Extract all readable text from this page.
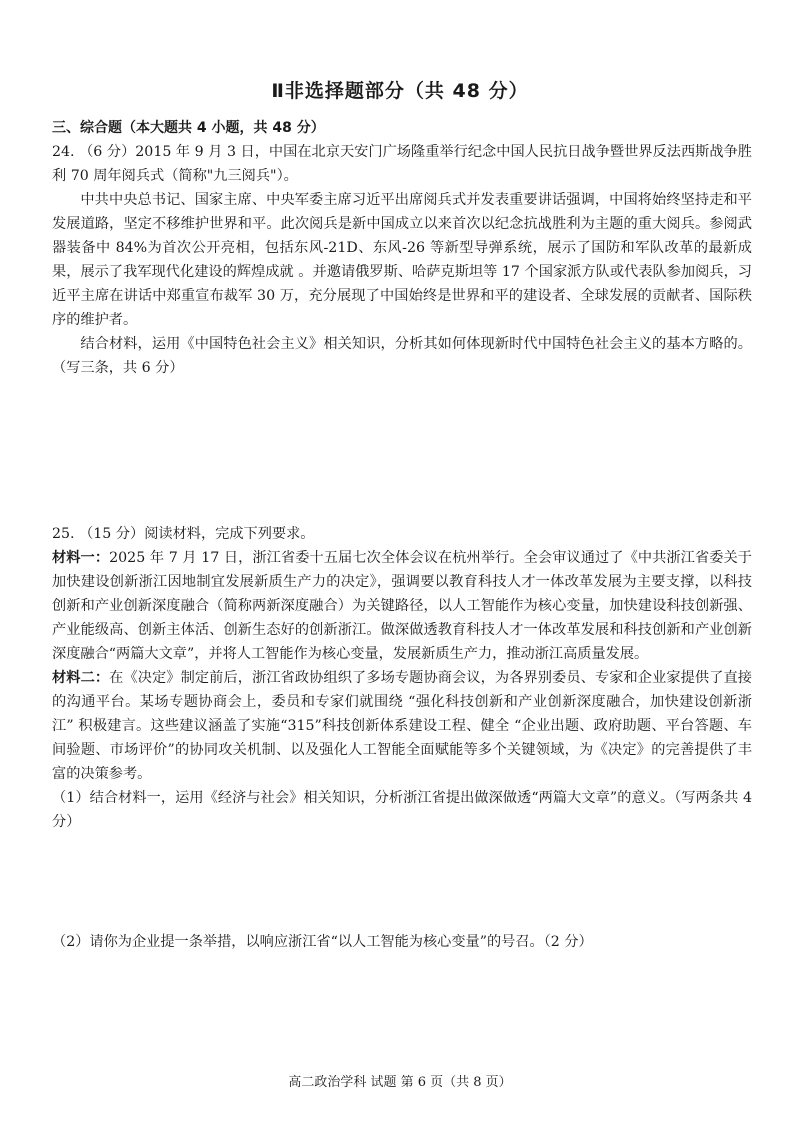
Ⅱ非选择题部分（共 48 分）

三、综合题（本大题共 4 小题，共 48 分）

24. （6 分）2015 年 9 月 3 日，中国在北京天安门广场隆重举行纪念中国人民抗日战争暨世界反法西斯战争胜利 70 周年阅兵式（简称"九三阅兵"）。

中共中央总书记、国家主席、中央军委主席习近平出席阅兵式并发表重要讲话强调，中国将始终坚持走和平发展道路，坚定不移维护世界和平。此次阅兵是新中国成立以来首次以纪念抗战胜利为主题的重大阅兵。参阅武器装备中 84%为首次公开亮相，包括东风-21D、东风-26 等新型导弹系统，展示了国防和军队改革的最新成果，展示了我军现代化建设的辉煌成就 。并邀请俄罗斯、哈萨克斯坦等 17 个国家派方队或代表队参加阅兵，习近平主席在讲话中郑重宣布裁军 30 万，充分展现了中国始终是世界和平的建设者、全球发展的贡献者、国际秩序的维护者。

结合材料，运用《中国特色社会主义》相关知识，分析其如何体现新时代中国特色社会主义的基本方略的。（写三条，共 6 分）

25. （15 分）阅读材料，完成下列要求。

材料一：2025 年 7 月 17 日，浙江省委十五届七次全体会议在杭州举行。全会审议通过了《中共浙江省委关于加快建设创新浙江因地制宜发展新质生产力的决定》，强调要以教育科技人才一体改革发展为主要支撑，以科技创新和产业创新深度融合（简称两新深度融合）为关键路径，以人工智能作为核心变量，加快建设科技创新强、产业能级高、创新主体活、创新生态好的创新浙江。做深做透教育科技人才一体改革发展和科技创新和产业创新深度融合“两篇大文章”，并将人工智能作为核心变量，发展新质生产力，推动浙江高质量发展。

材料二：在《决定》制定前后，浙江省政协组织了多场专题协商会议，为各界别委员、专家和企业家提供了直接的沟通平台。某场专题协商会上，委员和专家们就围绕 “强化科技创新和产业创新深度融合，加快建设创新浙江” 积极建言。这些建议涵盖了实施“315”科技创新体系建设工程、健全 “企业出题、政府助题、平台答题、车间验题、市场评价”的协同攻关机制、以及强化人工智能全面赋能等多个关键领域，为《决定》的完善提供了丰富的决策参考。

（1）结合材料一，运用《经济与社会》相关知识，分析浙江省提出做深做透“两篇大文章”的意义。（写两条共 4 分）

（2）请你为企业提一条举措，以响应浙江省“以人工智能为核心变量”的号召。（2 分）

高二政治学科 试题 第 6 页（共 8 页）
